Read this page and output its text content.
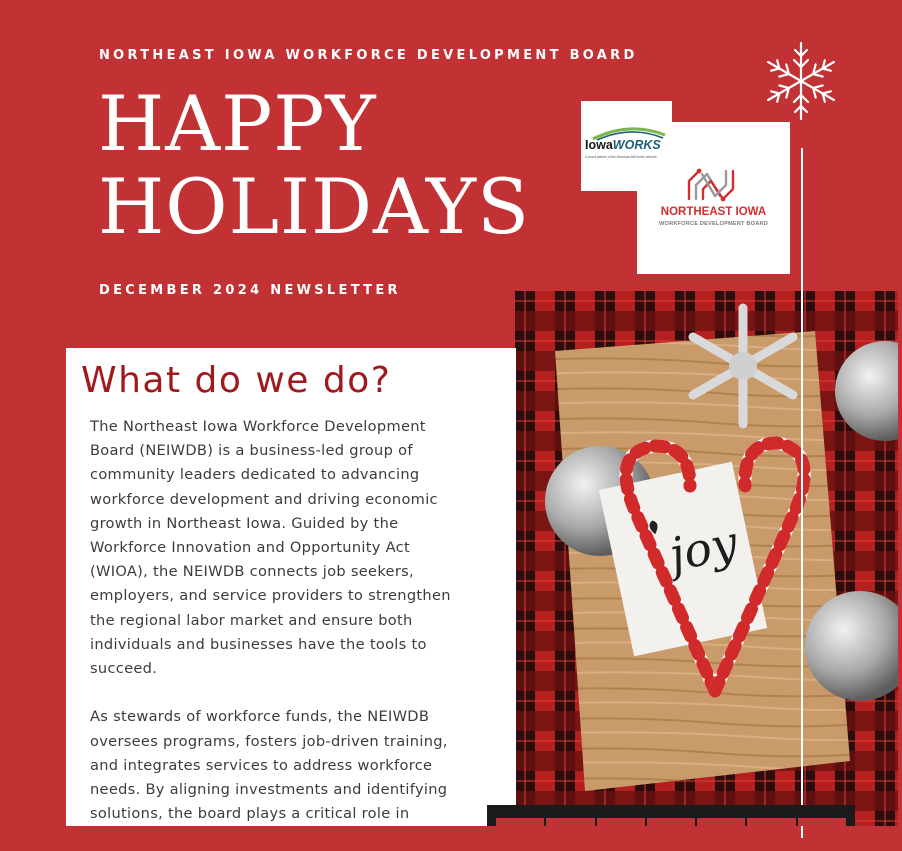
NORTHEAST IOWA WORKFORCE DEVELOPMENT BOARD
HAPPY
HOLIDAYS
DECEMBER 2024 NEWSLETTER
NORTHEAST IOWA
WORKFORCE DEVELOPMENT BOARD
IowaWORKS
A proud partner of the AmericanJobCenter network
joy
What do we do?

The Northeast Iowa Workforce Development Board (NEIWDB) is a business-led group of community leaders dedicated to advancing workforce development and driving economic growth in Northeast Iowa. Guided by the Workforce Innovation and Opportunity Act (WIOA), the NEIWDB connects job seekers, employers, and service providers to strengthen the regional labor market and ensure both individuals and businesses have the tools to succeed.

As stewards of workforce funds, the NEIWDB oversees programs, fosters job-driven training, and integrates services to address workforce needs. By aligning investments and identifying solutions, the board plays a critical role in
